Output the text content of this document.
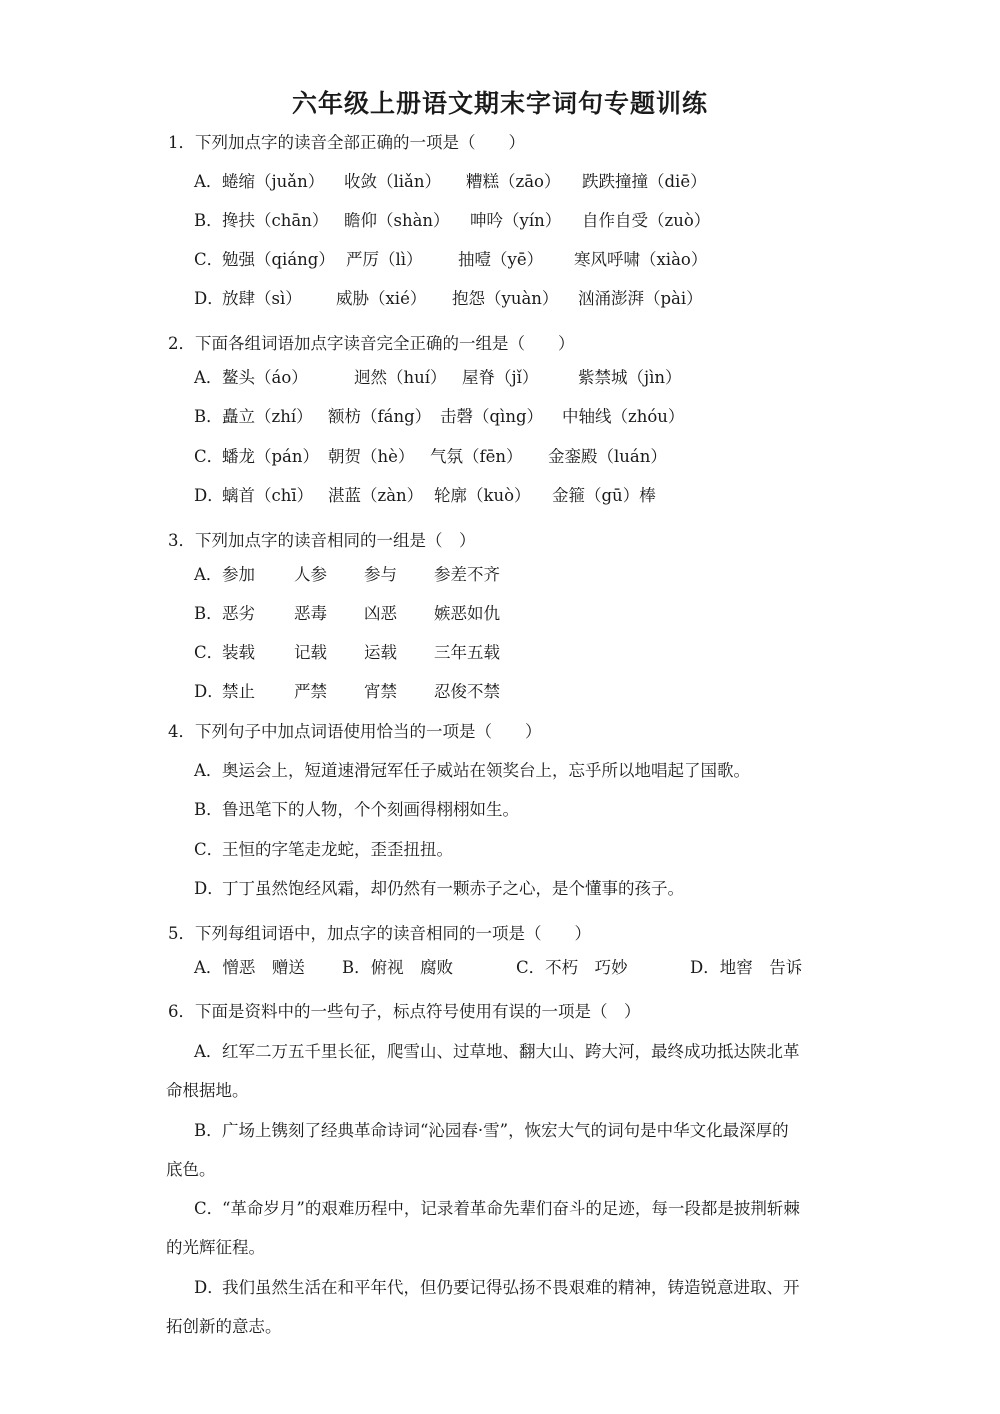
六年级上册语文期末字词句专题训练
1．下列加点字的读音全部正确的一项是（　　）
A． 蜷缩（juǎn） 收敛（liǎn） 糟糕（zāo） 跌跌撞撞（diē）
B． 搀扶（chān） 瞻仰（shàn） 呻吟（yín） 自作自受（zuò）
C．
勉强（qiáng） 严厉（lì） 抽噎（yē） 寒风呼啸（xiào）
D．
放肆（sì） 威胁（xié） 抱怨（yuàn） 汹涌澎湃（pài）
2．下面各组词语加点字读音完全正确的一组是（　　）
A． 鳌头（áo）	迥然（huí） 屋脊（jǐ） 紫禁城（jìn）
B． 矗立（zhí） 额枋（fáng） 击磬（qìng） 中轴线（zhóu）
C．
蟠龙（pán） 朝贺（hè） 气氛（fēn） 金銮殿（luán）
D．
螭首（chī） 湛蓝（zàn） 轮廓（kuò） 金箍（gū）棒
3．下列加点字的读音相同的一组是（　）
A． 参加 人参 参与 参差不齐
B． 恶劣 恶毒 凶恶 嫉恶如仇
C．
装载 记载 运载 三年五载
D．
禁止 严禁 宵禁 忍俊不禁
4．下列句子中加点词语使用恰当的一项是（　　）
A． 奥运会上，短道速滑冠军任子威站在领奖台上，忘乎所以地唱起了国歌。
B． 鲁迅笔下的人物，个个刻画得栩栩如生。
C．
王恒的字笔走龙蛇，歪歪扭扭。
D．
丁丁虽然饱经风霜，却仍然有一颗赤子之心，是个懂事的孩子。
5．下列每组词语中，加点字的读音相同的一项是（　　）
A．憎恶　赠送 B．俯视　腐败	C．不朽　巧妙	D．地窖　告诉
6．下面是资料中的一些句子，标点符号使用有误的一项是（　）
A． 红军二万五千里长征，爬雪山、过草地、翻大山、跨大河，最终成功抵达陕北革
命根据地。
B． 广场上镌刻了经典革命诗词“沁园春·雪”，恢宏大气的词句是中华文化最深厚的
底色。
C．
“革命岁月”的艰难历程中，记录着革命先辈们奋斗的足迹，每一段都是披荆斩棘
的光辉征程。
D．
我们虽然生活在和平年代，但仍要记得弘扬不畏艰难的精神，铸造锐意进取、开
拓创新的意志。
